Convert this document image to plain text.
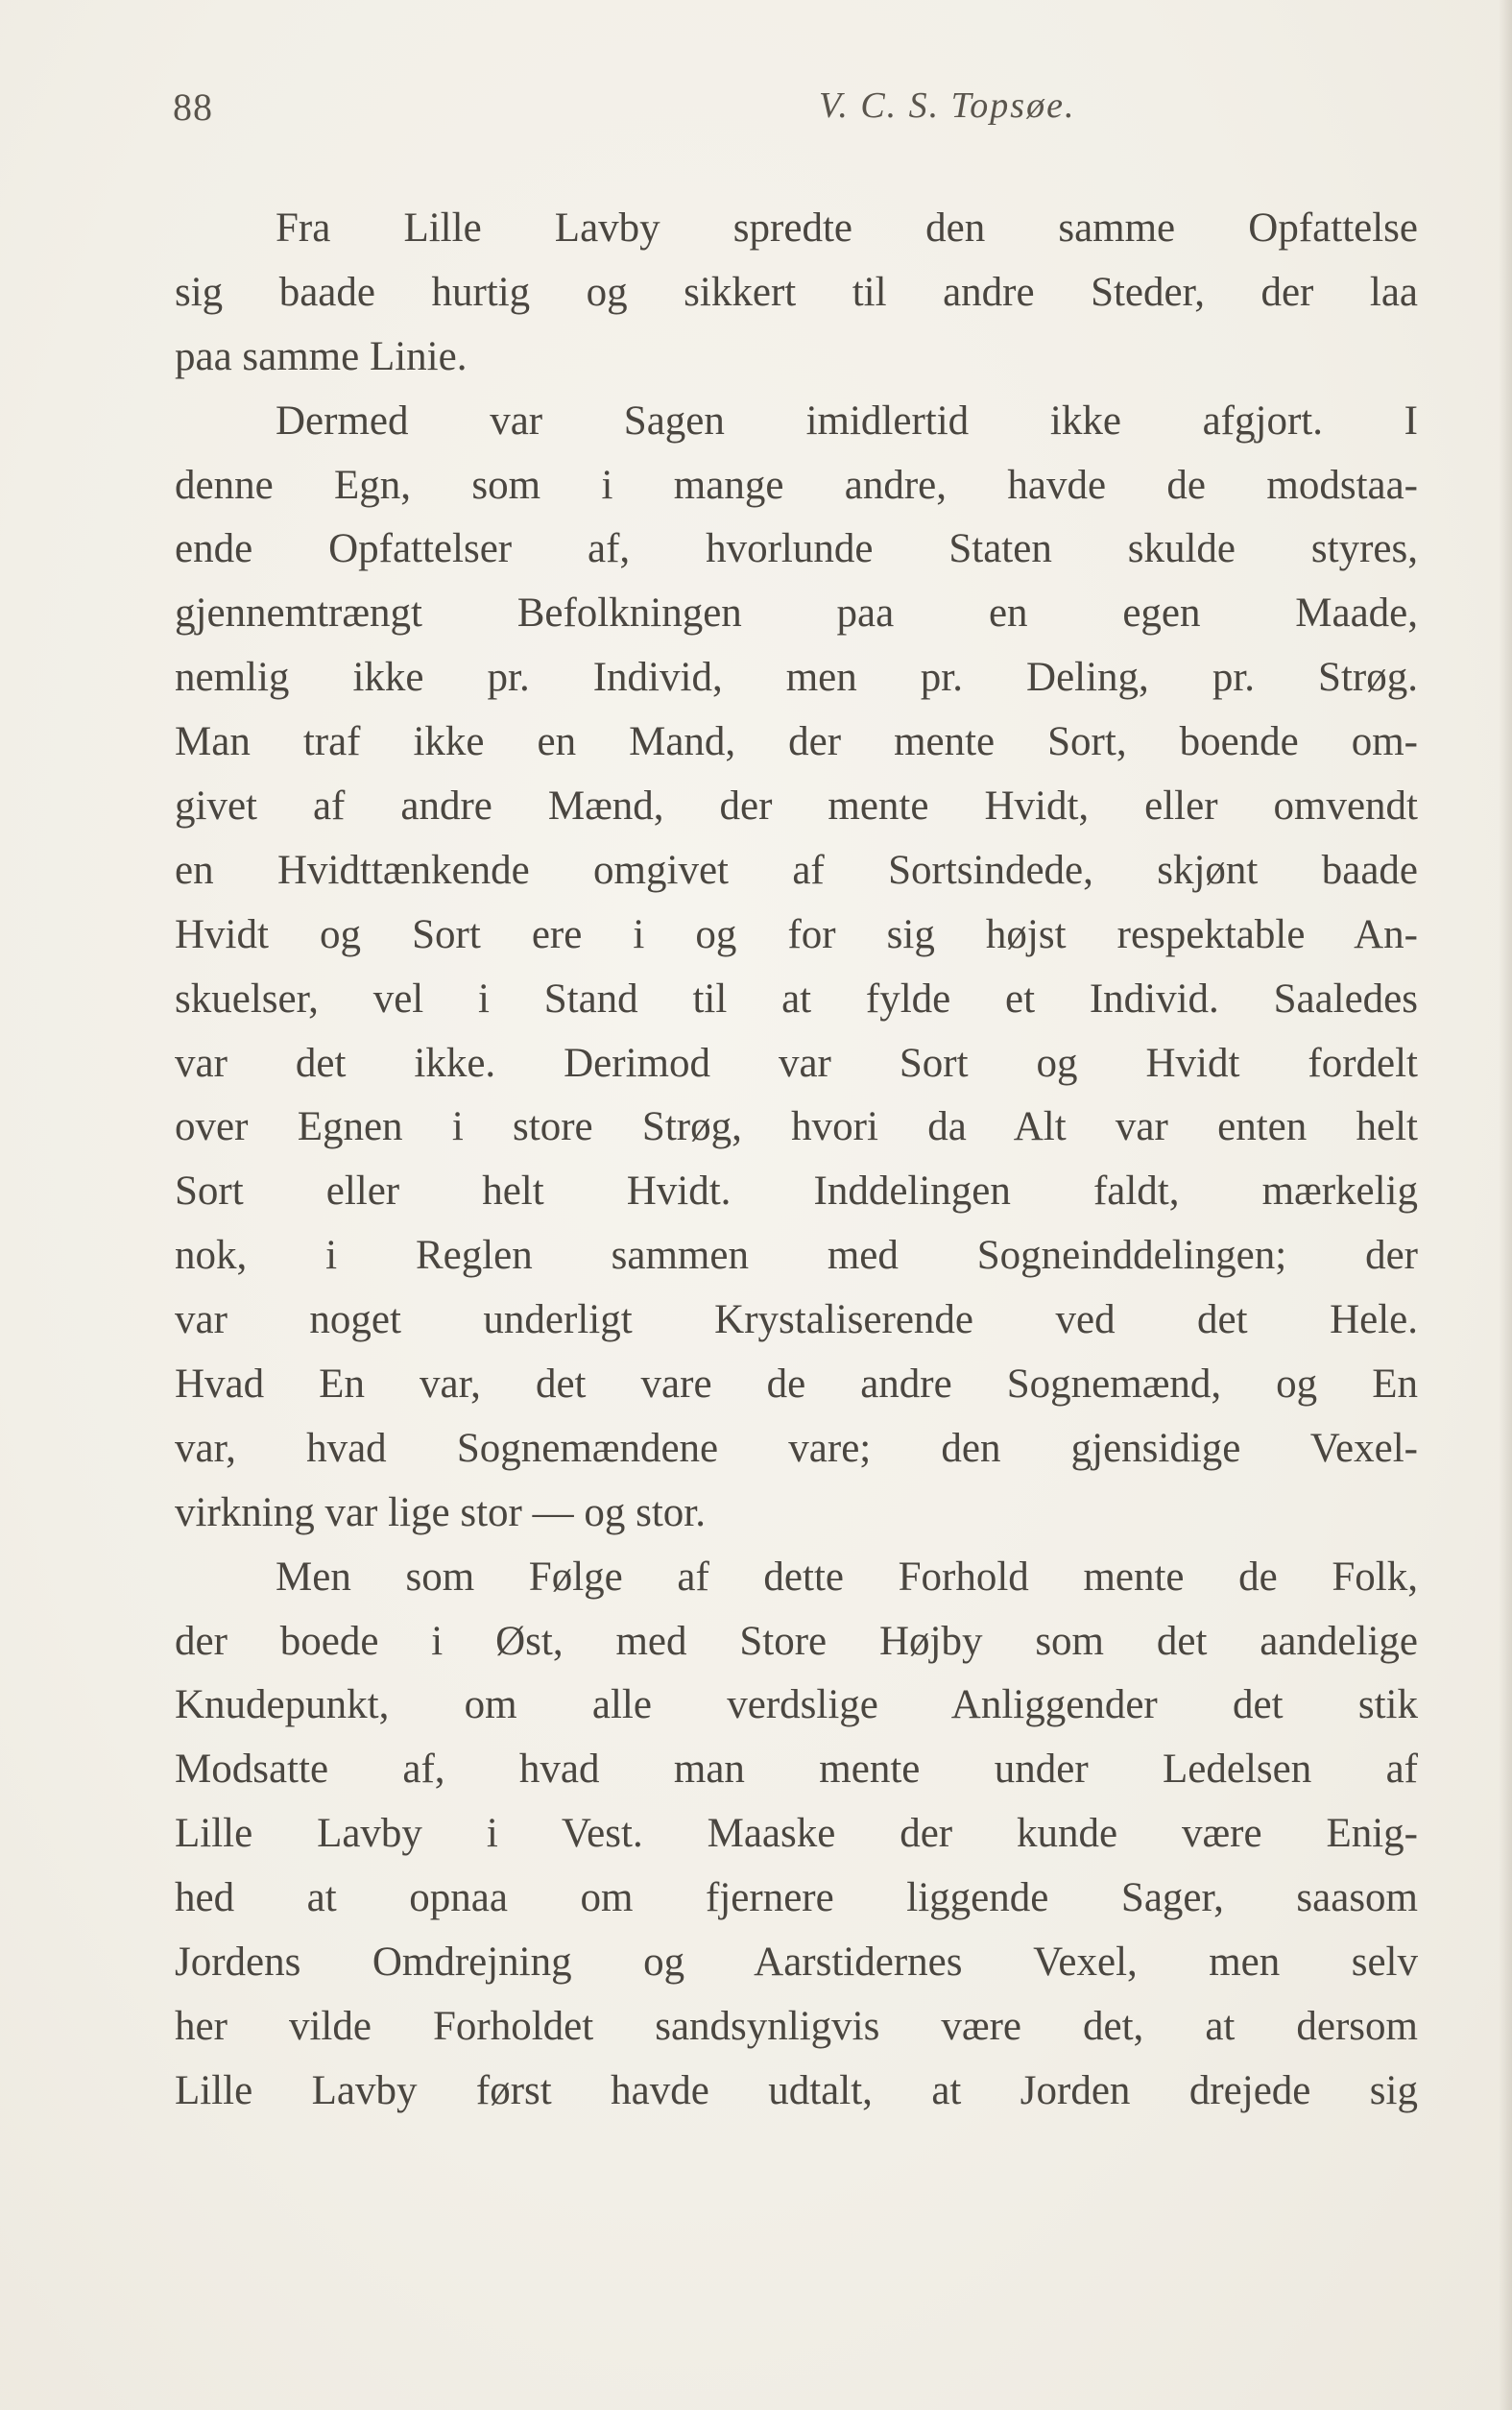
88	V. C. S. Topsøe.
Fra Lille Lavby spredte den samme Opfattelse
sig baade hurtig og sikkert til andre Steder, der laa
paa samme Linie.
Dermed var Sagen imidlertid ikke afgjort. I
denne Egn, som i mange andre, havde de modstaa-
ende Opfattelser af, hvorlunde Staten skulde styres,
gjennemtrængt Befolkningen paa en egen Maade,
nemlig ikke pr. Individ, men pr. Deling, pr. Strøg.
Man traf ikke en Mand, der mente Sort, boende om-
givet af andre Mænd, der mente Hvidt, eller omvendt
en Hvidttænkende omgivet af Sortsindede, skjønt baade
Hvidt og Sort ere i og for sig højst respektable An-
skuelser, vel i Stand til at fylde et Individ. Saaledes
var det ikke. Derimod var Sort og Hvidt fordelt
over Egnen i store Strøg, hvori da Alt var enten helt
Sort eller helt Hvidt. Inddelingen faldt, mærkelig
nok, i Reglen sammen med Sogneinddelingen; der
var noget underligt Krystaliserende ved det Hele.
Hvad En var, det vare de andre Sognemænd, og En
var, hvad Sognemændene vare; den gjensidige Vexel-
virkning var lige stor — og stor.
Men som Følge af dette Forhold mente de Folk,
der boede i Øst, med Store Højby som det aandelige
Knudepunkt, om alle verdslige Anliggender det stik
Modsatte af, hvad man mente under Ledelsen af
Lille Lavby i Vest. Maaske der kunde være Enig-
hed at opnaa om fjernere liggende Sager, saasom
Jordens Omdrejning og Aarstidernes Vexel, men selv
her vilde Forholdet sandsynligvis være det, at dersom
Lille Lavby først havde udtalt, at Jorden drejede sig
